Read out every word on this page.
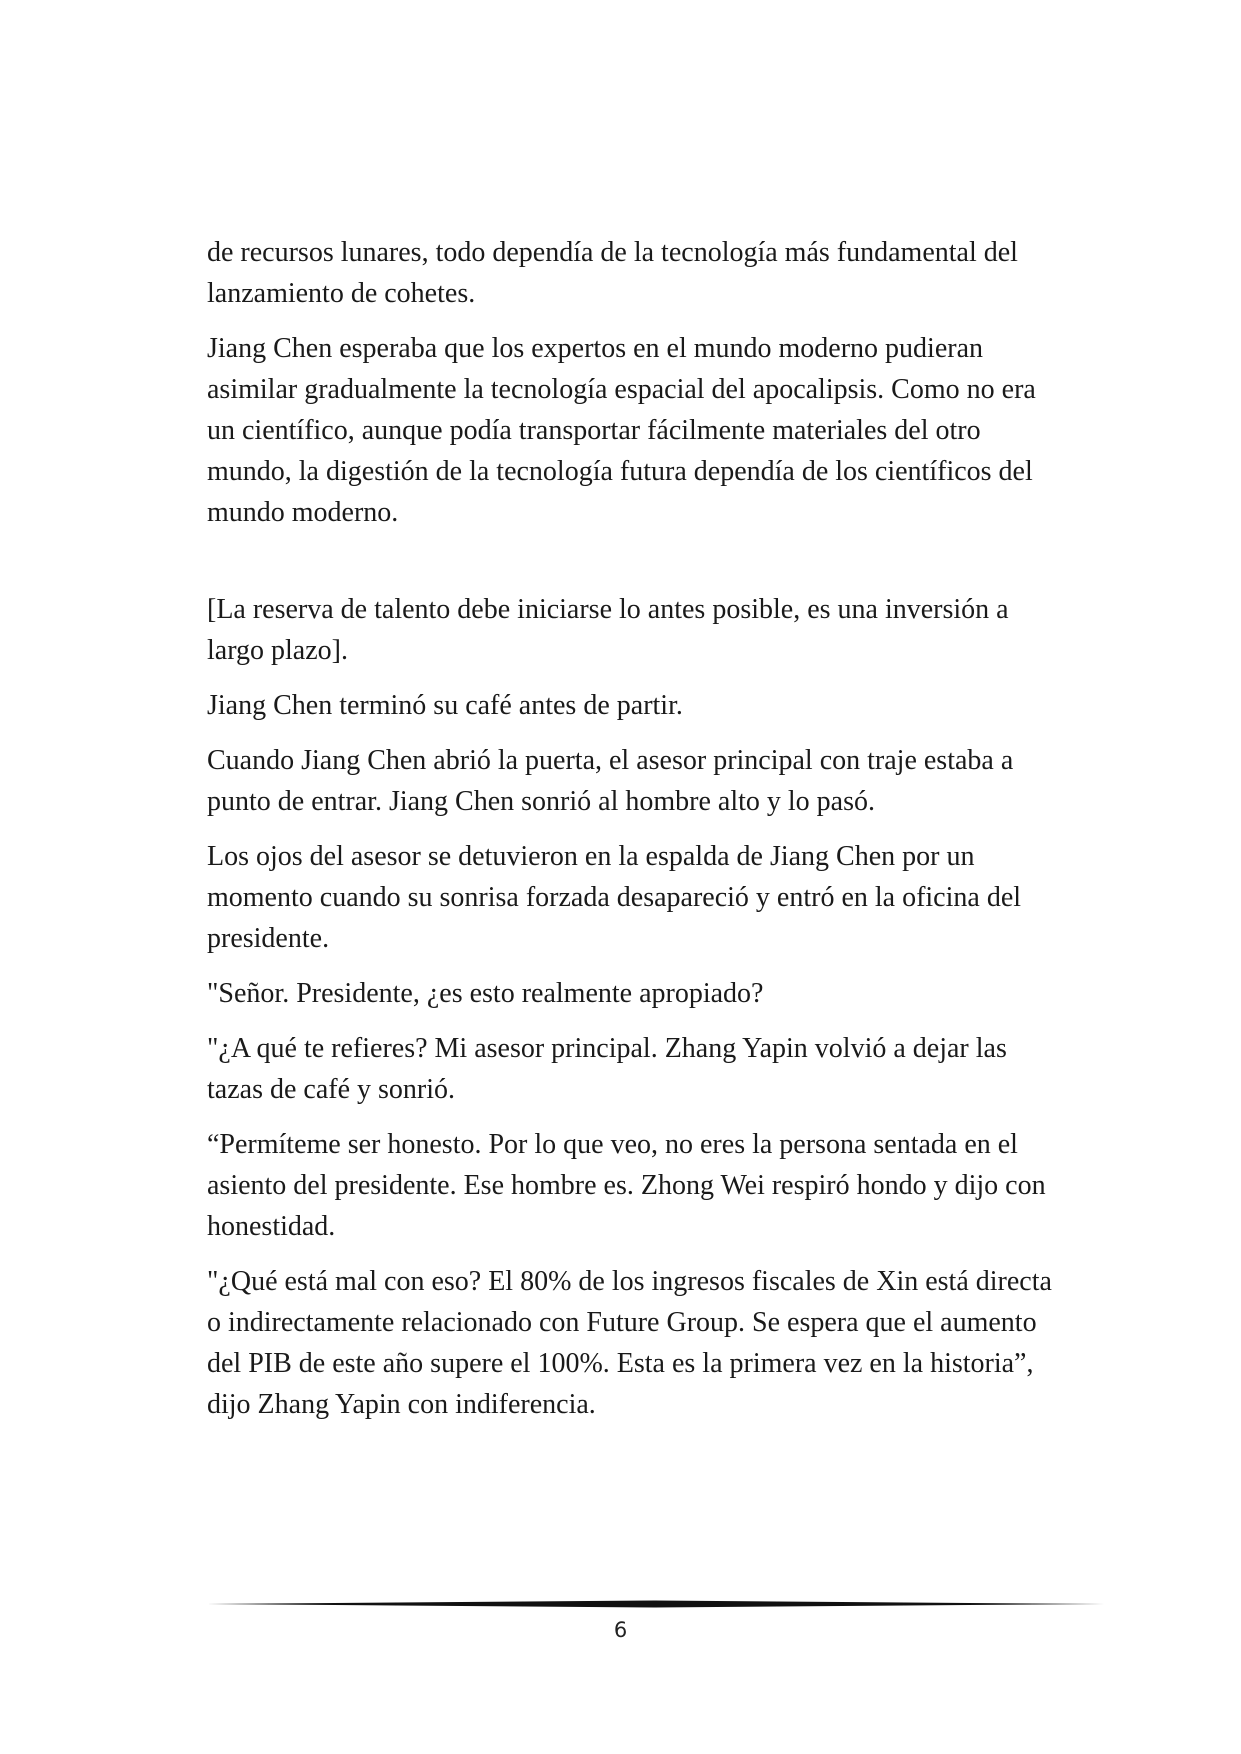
de recursos lunares, todo dependía de la tecnología más fundamental del lanzamiento de cohetes.

Jiang Chen esperaba que los expertos en el mundo moderno pudieran asimilar gradualmente la tecnología espacial del apocalipsis. Como no era un científico, aunque podía transportar fácilmente materiales del otro mundo, la digestión de la tecnología futura dependía de los científicos del mundo moderno.

[La reserva de talento debe iniciarse lo antes posible, es una inversión a largo plazo].

Jiang Chen terminó su café antes de partir.

Cuando Jiang Chen abrió la puerta, el asesor principal con traje estaba a punto de entrar. Jiang Chen sonrió al hombre alto y lo pasó.

Los ojos del asesor se detuvieron en la espalda de Jiang Chen por un momento cuando su sonrisa forzada desapareció y entró en la oficina del presidente.

"Señor. Presidente, ¿es esto realmente apropiado?

"¿A qué te refieres? Mi asesor principal. Zhang Yapin volvió a dejar las tazas de café y sonrió.

“Permíteme ser honesto. Por lo que veo, no eres la persona sentada en el asiento del presidente. Ese hombre es. Zhong Wei respiró hondo y dijo con honestidad.

"¿Qué está mal con eso? El 80% de los ingresos fiscales de Xin está directa o indirectamente relacionado con Future Group. Se espera que el aumento del PIB de este año supere el 100%. Esta es la primera vez en la historia”, dijo Zhang Yapin con indiferencia.

6
